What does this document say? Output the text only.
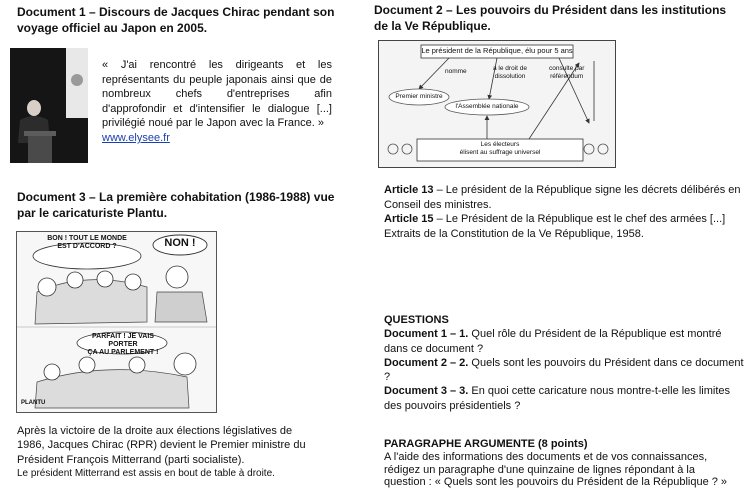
Document 1 – Discours de Jacques Chirac pendant son
voyage officiel au Japon en 2005.
« J'ai rencontré les dirigeants et les représentants du peuple japonais ainsi que de nombreux chefs d'entreprises afin d'approfondir et d'intensifier le dialogue [...] privilégié noué par le Japon avec la France. »
www.elysee.fr
Document 2 – Les pouvoirs du Président dans les institutions
de la Ve République.
Le président de la République, élu pour 5 ans
nomme	a le droit de
dissolution
consulte par
référendum
Premier ministre
l'Assemblée nationale
Les électeurs
élisent au suffrage universel
Article 13 – Le président de la République signe les décrets délibérés en Conseil des ministres.
Article 15 – Le Président de la République est le chef des armées [...]
Extraits de la Constitution de la Ve République, 1958.
Document 3 – La première cohabitation (1986-1988) vue
par le caricaturiste Plantu.
BON ! TOUT LE MONDE
EST D'ACCORD ?	NON !
PARFAIT ! JE VAIS PORTER
ÇA AU PARLEMENT !
PLANTU
Après la victoire de la droite aux élections législatives de
1986, Jacques Chirac (RPR) devient le Premier ministre du
Président François Mitterrand (parti socialiste).
Le président Mitterrand est assis en bout de table à droite.
QUESTIONS
Document 1 – 1. Quel rôle du Président de la République est montré dans ce document ?
Document 2 – 2. Quels sont les pouvoirs du Président dans ce document ?
Document 3 – 3. En quoi cette caricature nous montre-t-elle les limites des pouvoirs présidentiels ?
PARAGRAPHE ARGUMENTE (8 points)
A l'aide des informations des documents et de vos connaissances,
rédigez un paragraphe d'une quinzaine de lignes répondant à la
question : « Quels sont les pouvoirs du Président de la République ? »
